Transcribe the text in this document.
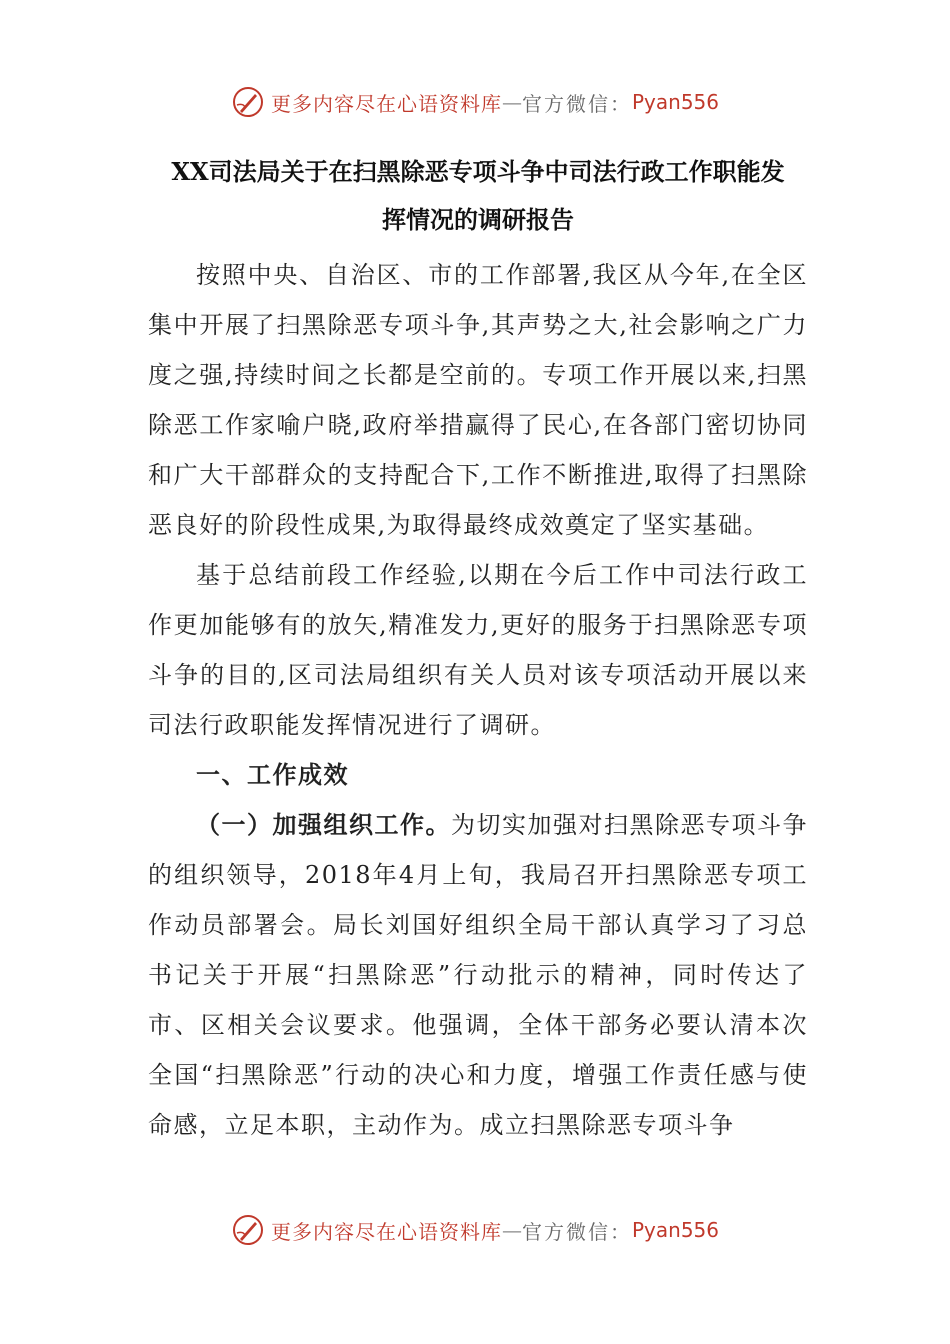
更多内容尽在心语资料库 — 官方微信： Pyan556
XX司法局关于在扫黑除恶专项斗争中司法行政工作职能发
挥情况的调研报告

按照中央、自治区、市的工作部署,我区从今年,在全区集中开展了扫黑除恶专项斗争,其声势之大,社会影响之广力度之强,持续时间之长都是空前的。专项工作开展以来,扫黑除恶工作家喻户晓,政府举措赢得了民心,在各部门密切协同和广大干部群众的支持配合下,工作不断推进,取得了扫黑除恶良好的阶段性成果,为取得最终成效奠定了坚实基础。

基于总结前段工作经验,以期在今后工作中司法行政工作更加能够有的放矢,精准发力,更好的服务于扫黑除恶专项斗争的目的,区司法局组织有关人员对该专项活动开展以来司法行政职能发挥情况进行了调研。

一、工作成效

（一）加强组织工作。为切实加强对扫黑除恶专项斗争的组织领导，2018年4月上旬，我局召开扫黑除恶专项工作动员部署会。局长刘国好组织全局干部认真学习了习总书记关于开展“扫黑除恶”行动批示的精神，同时传达了市、区相关会议要求。他强调，全体干部务必要认清本次全国“扫黑除恶”行动的决心和力度，增强工作责任感与使命感，立足本职，主动作为。成立扫黑除恶专项斗争

更多内容尽在心语资料库 — 官方微信： Pyan556
